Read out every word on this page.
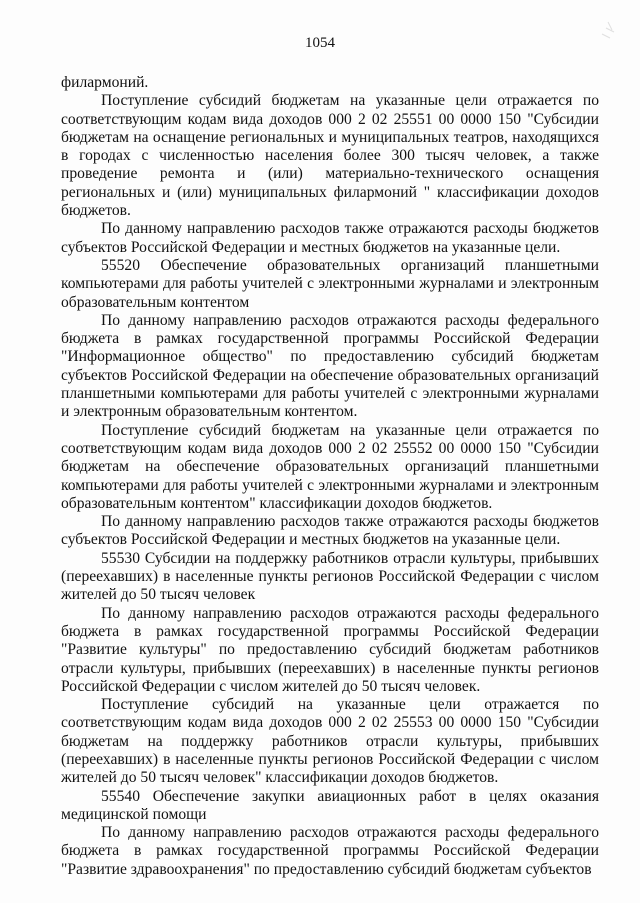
1054

филармоний.

Поступление субсидий бюджетам на указанные цели отражается по соответствующим кодам вида доходов 000 2 02 25551 00 0000 150 "Субсидии бюджетам на оснащение региональных и муниципальных театров, находящихся в городах с численностью населения более 300 тысяч человек, а также проведение ремонта и (или) материально-технического оснащения региональных и (или) муниципальных филармоний " классификации доходов бюджетов.

По данному направлению расходов также отражаются расходы бюджетов субъектов Российской Федерации и местных бюджетов на указанные цели.

55520 Обеспечение образовательных организаций планшетными компьютерами для работы учителей с электронными журналами и электронным образовательным контентом

По данному направлению расходов отражаются расходы федерального бюджета в рамках государственной программы Российской Федерации "Информационное общество" по предоставлению субсидий бюджетам субъектов Российской Федерации на обеспечение образовательных организаций планшетными компьютерами для работы учителей с электронными журналами и электронным образовательным контентом.

Поступление субсидий бюджетам на указанные цели отражается по соответствующим кодам вида доходов 000 2 02 25552 00 0000 150 "Субсидии бюджетам на обеспечение образовательных организаций планшетными компьютерами для работы учителей с электронными журналами и электронным образовательным контентом" классификации доходов бюджетов.

По данному направлению расходов также отражаются расходы бюджетов субъектов Российской Федерации и местных бюджетов на указанные цели.

55530 Субсидии на поддержку работников отрасли культуры, прибывших (переехавших) в населенные пункты регионов Российской Федерации с числом жителей до 50 тысяч человек

По данному направлению расходов отражаются расходы федерального бюджета в рамках государственной программы Российской Федерации "Развитие культуры" по предоставлению субсидий бюджетам работников отрасли культуры, прибывших (переехавших) в населенные пункты регионов Российской Федерации с числом жителей до 50 тысяч человек.

Поступление субсидий на указанные цели отражается по соответствующим кодам вида доходов 000 2 02 25553 00 0000 150 "Субсидии бюджетам на поддержку работников отрасли культуры, прибывших (переехавших) в населенные пункты регионов Российской Федерации с числом жителей до 50 тысяч человек" классификации доходов бюджетов.

55540 Обеспечение закупки авиационных работ в целях оказания медицинской помощи

По данному направлению расходов отражаются расходы федерального бюджета в рамках государственной программы Российской Федерации "Развитие здравоохранения" по предоставлению субсидий бюджетам субъектов
